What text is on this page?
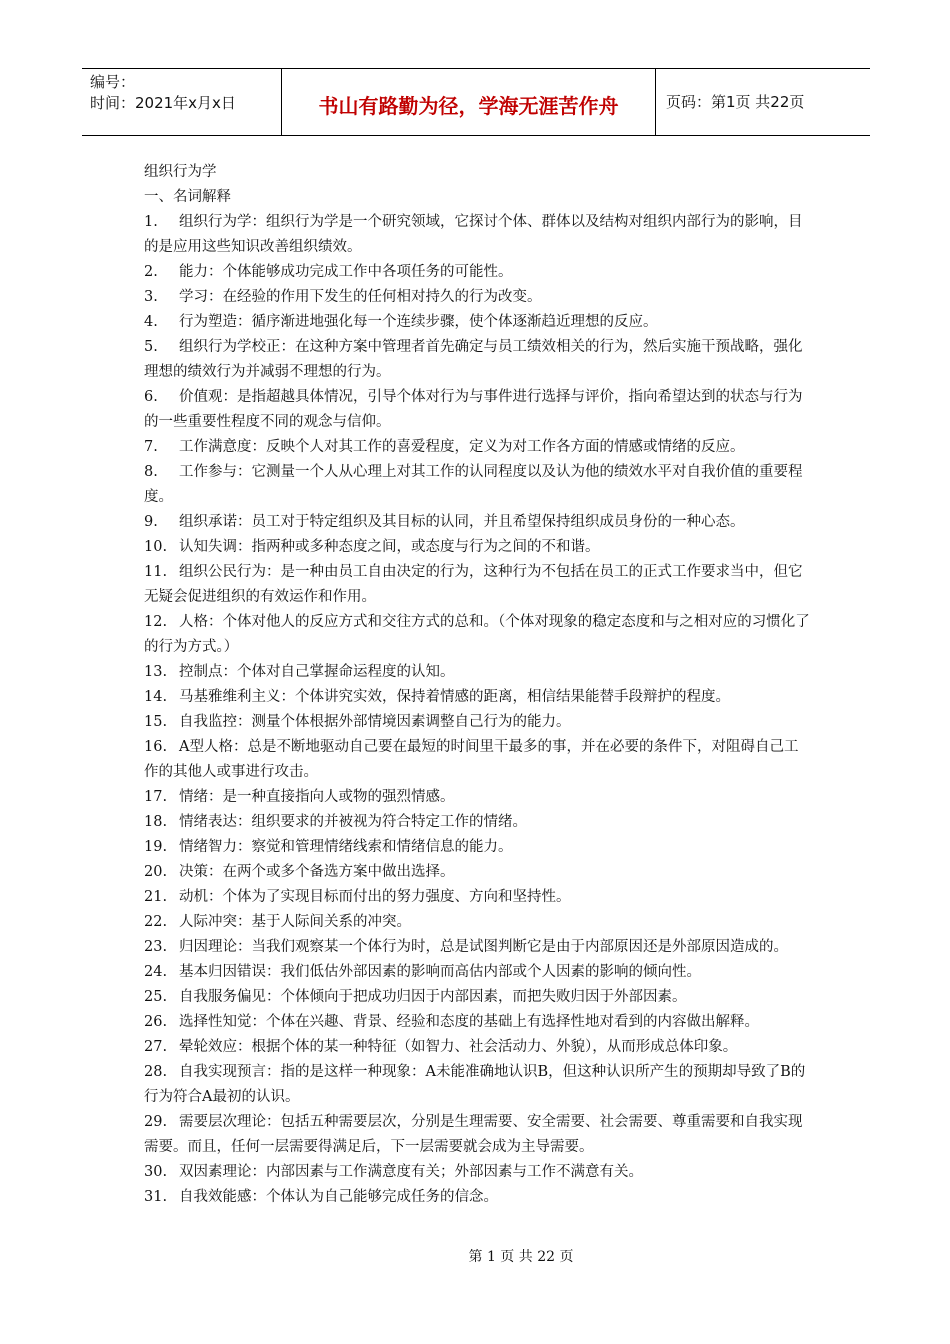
编号：
时间：2021年x月x日	书山有路勤为径，学海无涯苦作舟	页码：第1页 共22页

组织行为学

一、名词解释

1. 组织行为学：组织行为学是一个研究领域，它探讨个体、群体以及结构对组织内部行为的影响，目的是应用这些知识改善组织绩效。

2. 能力：个体能够成功完成工作中各项任务的可能性。

3. 学习：在经验的作用下发生的任何相对持久的行为改变。

4. 行为塑造：循序渐进地强化每一个连续步骤，使个体逐渐趋近理想的反应。

5. 组织行为学校正：在这种方案中管理者首先确定与员工绩效相关的行为，然后实施干预战略，强化理想的绩效行为并减弱不理想的行为。

6. 价值观：是指超越具体情况，引导个体对行为与事件进行选择与评价，指向希望达到的状态与行为的一些重要性程度不同的观念与信仰。

7. 工作满意度：反映个人对其工作的喜爱程度，定义为对工作各方面的情感或情绪的反应。

8. 工作参与：它测量一个人从心理上对其工作的认同程度以及认为他的绩效水平对自我价值的重要程度。

9. 组织承诺：员工对于特定组织及其目标的认同，并且希望保持组织成员身份的一种心态。

10. 认知失调：指两种或多种态度之间，或态度与行为之间的不和谐。

11. 组织公民行为：是一种由员工自由决定的行为，这种行为不包括在员工的正式工作要求当中，但它无疑会促进组织的有效运作和作用。

12. 人格：个体对他人的反应方式和交往方式的总和。（个体对现象的稳定态度和与之相对应的习惯化了的行为方式。）

13. 控制点：个体对自己掌握命运程度的认知。

14. 马基雅维利主义：个体讲究实效，保持着情感的距离，相信结果能替手段辩护的程度。

15. 自我监控：测量个体根据外部情境因素调整自己行为的能力。

16. A型人格：总是不断地驱动自己要在最短的时间里干最多的事，并在必要的条件下，对阻碍自己工作的其他人或事进行攻击。

17. 情绪：是一种直接指向人或物的强烈情感。

18. 情绪表达：组织要求的并被视为符合特定工作的情绪。

19. 情绪智力：察觉和管理情绪线索和情绪信息的能力。

20. 决策：在两个或多个备选方案中做出选择。

21. 动机：个体为了实现目标而付出的努力强度、方向和坚持性。

22. 人际冲突：基于人际间关系的冲突。

23. 归因理论：当我们观察某一个体行为时，总是试图判断它是由于内部原因还是外部原因造成的。

24. 基本归因错误：我们低估外部因素的影响而高估内部或个人因素的影响的倾向性。

25. 自我服务偏见：个体倾向于把成功归因于内部因素，而把失败归因于外部因素。

26. 选择性知觉：个体在兴趣、背景、经验和态度的基础上有选择性地对看到的内容做出解释。

27. 晕轮效应：根据个体的某一种特征（如智力、社会活动力、外貌），从而形成总体印象。

28. 自我实现预言：指的是这样一种现象：A未能准确地认识B，但这种认识所产生的预期却导致了B的行为符合A最初的认识。

29. 需要层次理论：包括五种需要层次，分别是生理需要、安全需要、社会需要、尊重需要和自我实现需要。而且，任何一层需要得满足后，下一层需要就会成为主导需要。

30. 双因素理论：内部因素与工作满意度有关；外部因素与工作不满意有关。

31. 自我效能感：个体认为自己能够完成任务的信念。

第 1 页 共 22 页
